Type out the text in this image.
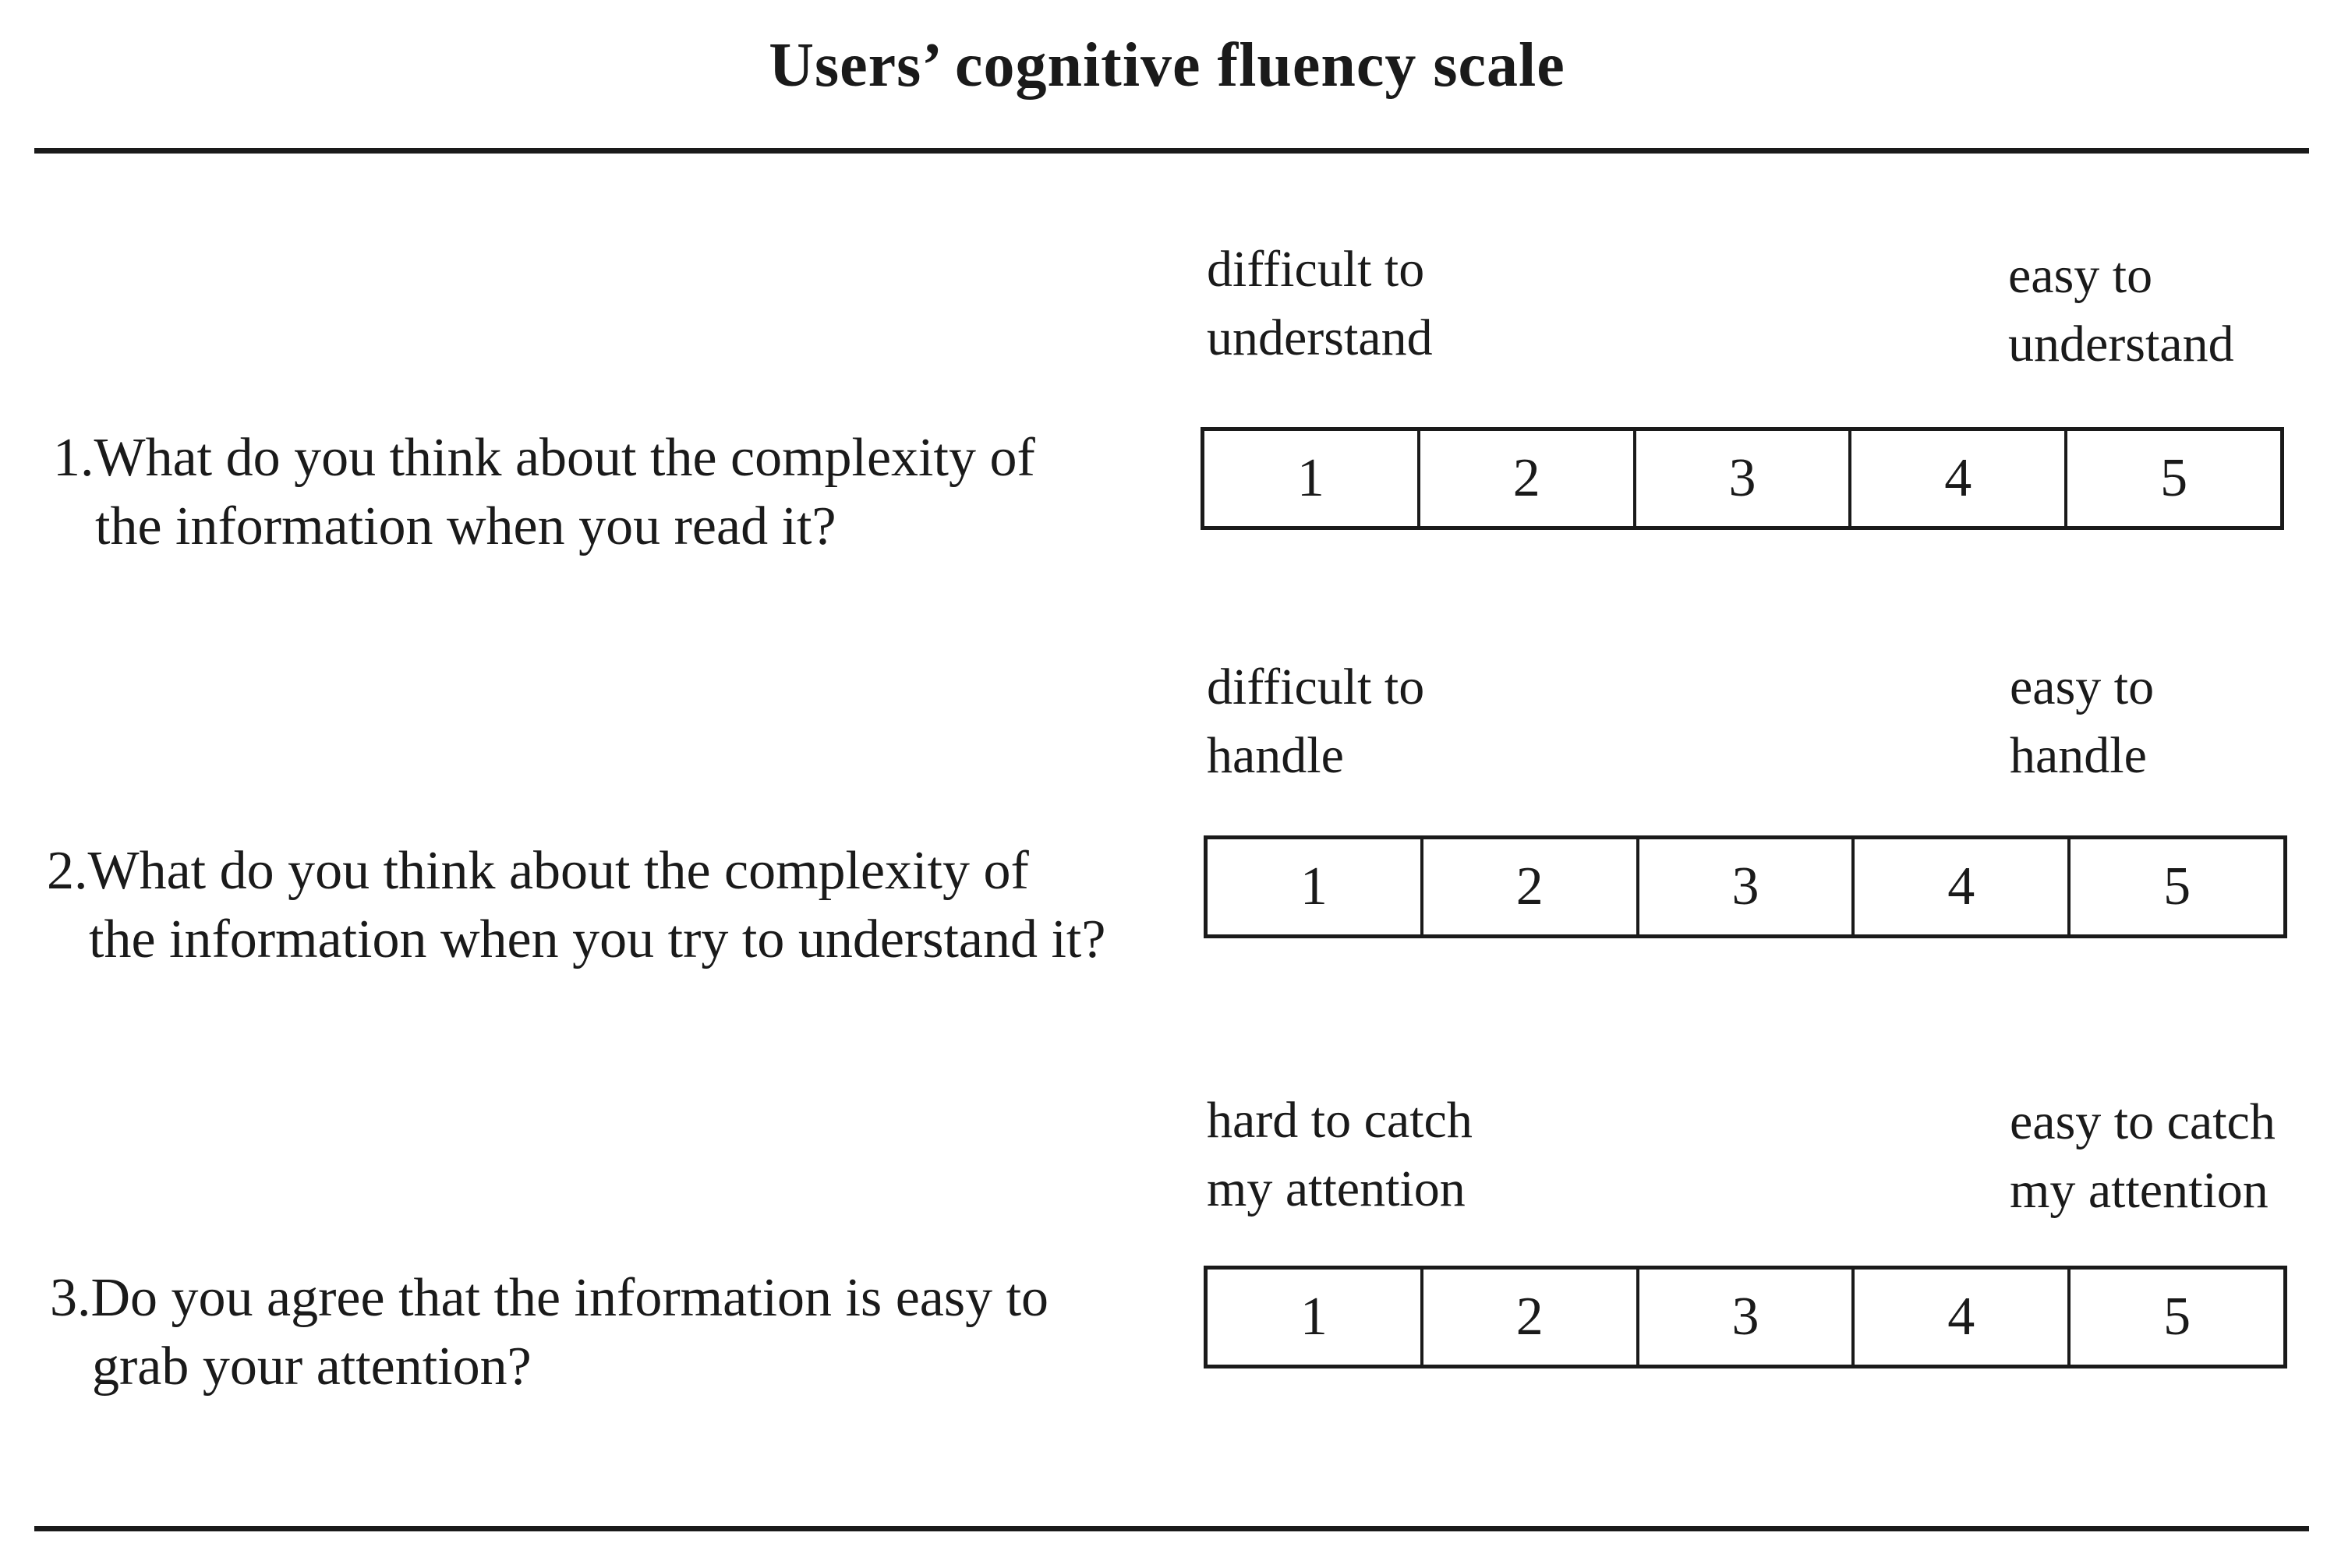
Users’ cognitive fluency scale
difficult to
understand
easy to
understand
1.What do you think about the complexity of
the information when you read it?
1	2	3	4	5
difficult to
handle
easy to
handle
2.What do you think about the complexity of
the information when you try to understand it?
1	2	3	4	5
hard to catch
my attention
easy to catch
my attention
3.Do you agree that the information is easy to
grab your attention?
1	2	3	4	5
